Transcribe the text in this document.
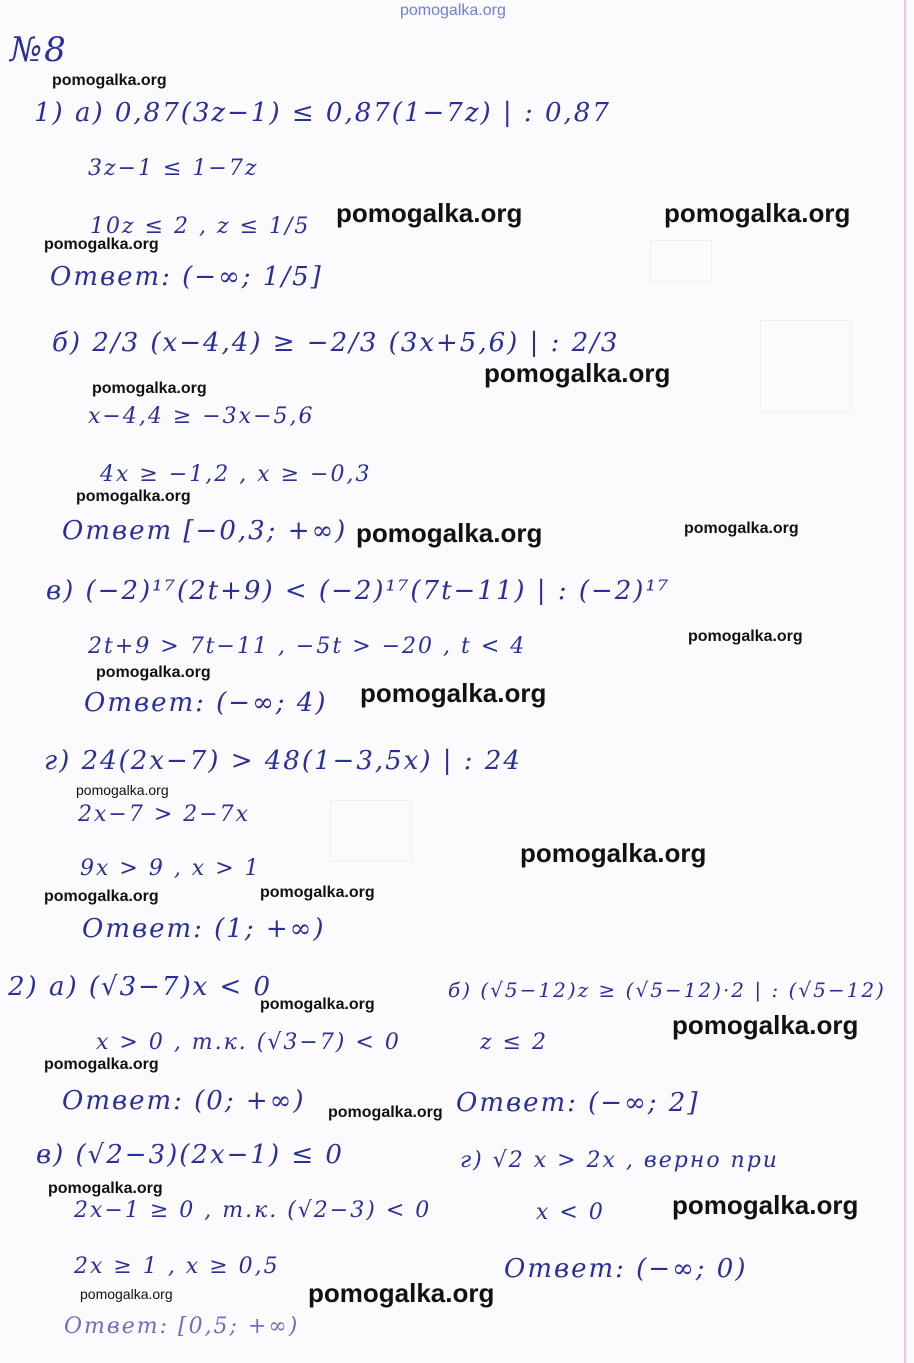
pomogalka.org
№8
1) а) 0,87(3z−1) ≤ 0,87(1−7z) | : 0,87
3z−1 ≤ 1−7z
10z ≤ 2 , z ≤ 1/5
Ответ: (−∞; 1/5]
б) 2/3 (x−4,4) ≥ −2/3 (3x+5,6) | : 2/3
x−4,4 ≥ −3x−5,6
4x ≥ −1,2 , x ≥ −0,3
Ответ [−0,3; +∞)
в) (−2)¹⁷(2t+9) < (−2)¹⁷(7t−11) | : (−2)¹⁷
2t+9 > 7t−11 , −5t > −20 , t < 4
Ответ: (−∞; 4)
г) 24(2x−7) > 48(1−3,5x) | : 24
2x−7 > 2−7x
9x > 9 , x > 1
Ответ: (1; +∞)
2) а) (√3−7)x < 0
x > 0 , т.к. (√3−7) < 0
Ответ: (0; +∞)
б) (√5−12)z ≥ (√5−12)·2 | : (√5−12)
z ≤ 2
Ответ: (−∞; 2]
в) (√2−3)(2x−1) ≤ 0
2x−1 ≥ 0 , т.к. (√2−3) < 0
2x ≥ 1 , x ≥ 0,5
Ответ: [0,5; +∞)
г) √2 x > 2x , верно при
x < 0
Ответ: (−∞; 0)
pomogalka.org
pomogalka.org	pomogalka.org
pomogalka.org
pomogalka.org
pomogalka.org
pomogalka.org
pomogalka.org	pomogalka.org
pomogalka.org
pomogalka.org
pomogalka.org
pomogalka.org
pomogalka.org
pomogalka.org
pomogalka.org
pomogalka.org
pomogalka.org
pomogalka.org
pomogalka.org
pomogalka.org
pomogalka.org
pomogalka.org	pomogalka.org
